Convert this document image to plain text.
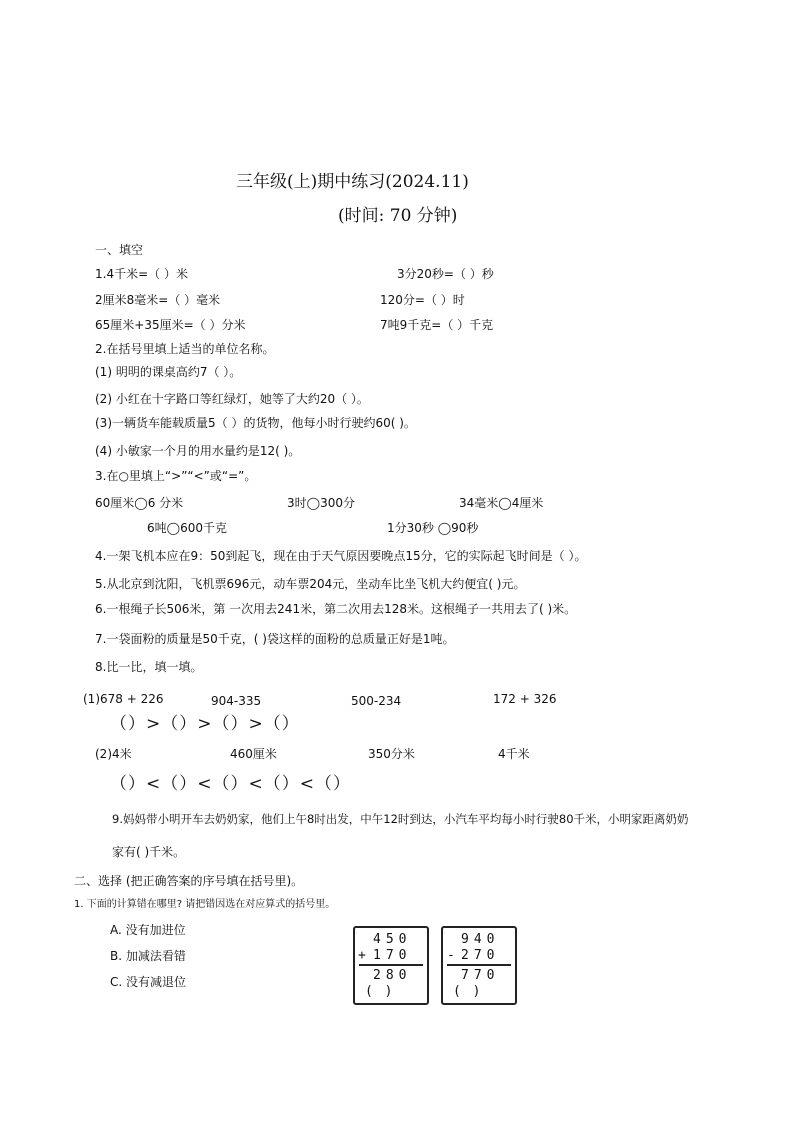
三年级(上)期中练习(2024.11)
(时间: 70 分钟)
一、填空
1.4千米=（ ）米	3分20秒=（ ）秒
2厘米8毫米=（ ）毫米	120分=（ ）时
65厘米+35厘米=（ ）分米	7吨9千克=（ ）千克
2.在括号里填上适当的单位名称。
(1) 明明的课桌高约7（ ）。
(2) 小红在十字路口等红绿灯，她等了大约20（ ）。
(3)一辆货车能载质量5（ ）的货物，他每小时行驶约60( )。
(4) 小敏家一个月的用水量约是12( )。
3.在○里填上“>”“<”或“=”。
60厘米◯6 分米	3时◯300分	34毫米◯4厘米
6吨◯600千克	1分30秒 ◯90秒
4.一架飞机本应在9：50到起飞，现在由于天气原因要晚点15分，它的实际起飞时间是（ ）。
5.从北京到沈阳，飞机票696元，动车票204元，坐动车比坐飞机大约便宜( )元。
6.一根绳子长506米，第 一次用去241米，第二次用去128米。这根绳子一共用去了( )米。
7.一袋面粉的质量是50千克，( )袋这样的面粉的总质量正好是1吨。
8.比一比，填一填。
(1)678 + 226	904-335	500-234	172 + 326
（）>（）>（）>（）
(2)4米	460厘米	350分米	4千米
（）<（）<（）<（）<（）
9.妈妈带小明开车去奶奶家，他们上午8时出发，中午12时到达，小汽车平均每小时行驶80千米，小明家距离奶奶
家有( )千米。
二、选择 (把正确答案的序号填在括号里)。
1. 下面的计算错在哪里? 请把错因选在对应算式的括号里。
A. 没有加进位
B. 加减法看错
C. 没有减退位
450
+ 170
280
( )
940
- 270
770
( )
